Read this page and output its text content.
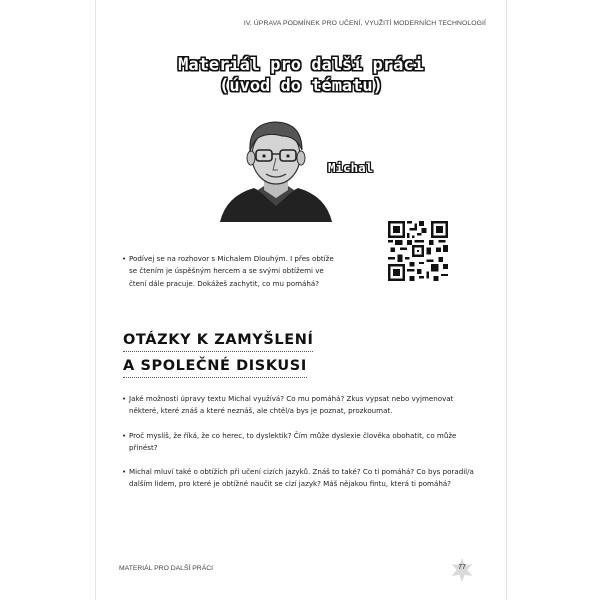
IV. ÚPRAVA PODMÍNEK PRO UČENÍ, VYUŽITÍ MODERNÍCH TECHNOLOGIÍ
Materiál pro další práci
(úvod do tématu)
Michal
• Podívej se na rozhovor s Michalem Dlouhým. I přes obtíže se čtením je úspěšným hercem a se svými obtížemi ve čtení dále pracuje. Dokážeš zachytit, co mu pomáhá?
OTÁZKY K ZAMYŠLENÍ
A SPOLEČNÉ DISKUSI
• Jaké možnosti úpravy textu Michal využívá? Co mu pomáhá? Zkus vypsat nebo vyjmenovat některé, které znáš a které neznáš, ale chtěl/a bys je poznat, prozkoumat.
• Proč myslíš, že říká, že co herec, to dyslektik? Čím může dyslexie člověka obohatit, co může přinést?
• Michal mluví také o obtížích při učení cizích jazyků. Znáš to také? Co ti pomáhá? Co bys poradil/a dalším lidem, pro které je obtížné naučit se cizí jazyk? Máš nějakou fintu, která ti pomáhá?
MATERIÁL PRO DALŠÍ PRÁCI	77
